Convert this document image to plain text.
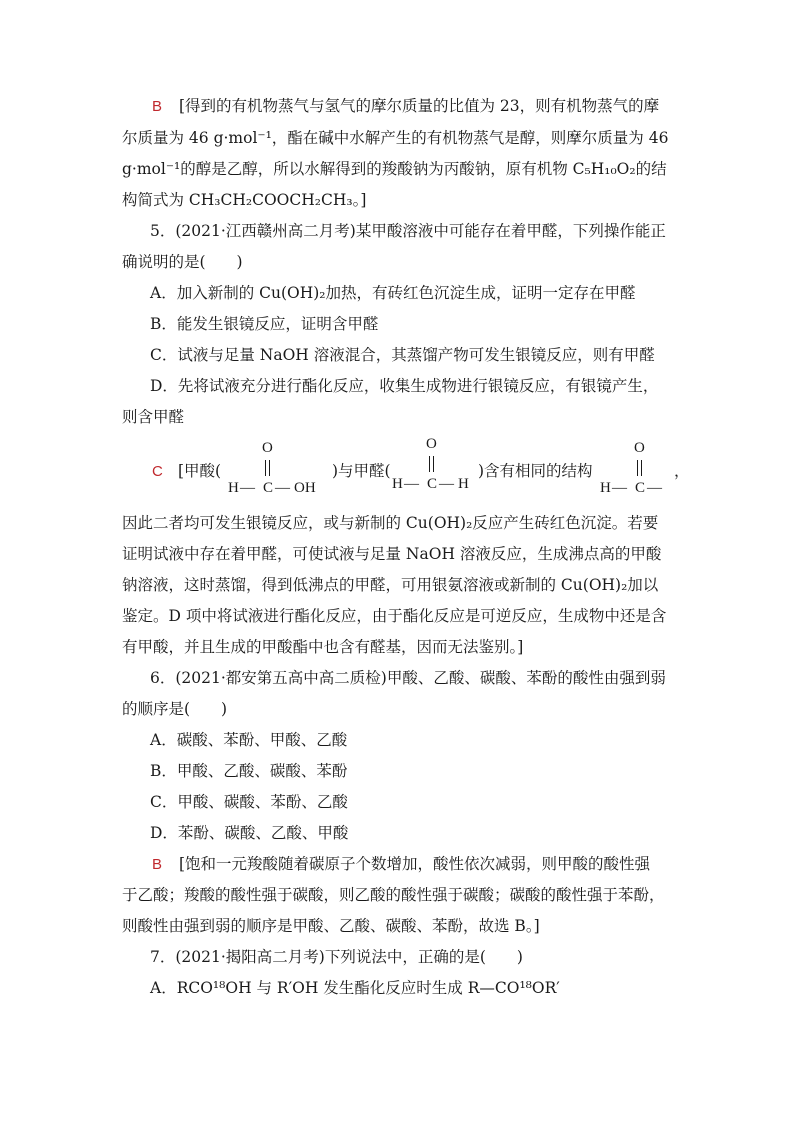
B [得到的有机物蒸气与氢气的摩尔质量的比值为 23，则有机物蒸气的摩
尔质量为 46 g·mol⁻¹，酯在碱中水解产生的有机物蒸气是醇，则摩尔质量为 46
g·mol⁻¹的醇是乙醇，所以水解得到的羧酸钠为丙酸钠，原有机物 C₅H₁₀O₂的结
构简式为 CH₃CH₂COOCH₂CH₃。]
5．(2021·江西赣州高二月考)某甲酸溶液中可能存在着甲醛，下列操作能正
确说明的是(　　)
A．加入新制的 Cu(OH)₂加热，有砖红色沉淀生成，证明一定存在甲醛
B．能发生银镜反应，证明含甲醛
C．试液与足量 NaOH 溶液混合，其蒸馏产物可发生银镜反应，则有甲醛
D．先将试液充分进行酯化反应，收集生成物进行银镜反应，有银镜产生，
则含甲醛
C [甲酸(
O
H — C — OH
)与甲醛(
O
H — C — H
)含有相同的结构
O
H — C —
，
因此二者均可发生银镜反应，或与新制的 Cu(OH)₂反应产生砖红色沉淀。若要
证明试液中存在着甲醛，可使试液与足量 NaOH 溶液反应，生成沸点高的甲酸
钠溶液，这时蒸馏，得到低沸点的甲醛，可用银氨溶液或新制的 Cu(OH)₂加以
鉴定。D 项中将试液进行酯化反应，由于酯化反应是可逆反应，生成物中还是含
有甲酸，并且生成的甲酸酯中也含有醛基，因而无法鉴别。]
6．(2021·都安第五高中高二质检)甲酸、乙酸、碳酸、苯酚的酸性由强到弱
的顺序是(　　)
A．碳酸、苯酚、甲酸、乙酸
B．甲酸、乙酸、碳酸、苯酚
C．甲酸、碳酸、苯酚、乙酸
D．苯酚、碳酸、乙酸、甲酸
B [饱和一元羧酸随着碳原子个数增加，酸性依次减弱，则甲酸的酸性强
于乙酸；羧酸的酸性强于碳酸，则乙酸的酸性强于碳酸；碳酸的酸性强于苯酚，
则酸性由强到弱的顺序是甲酸、乙酸、碳酸、苯酚，故选 B。]
7．(2021·揭阳高二月考)下列说法中，正确的是(　　)
A．RCO¹⁸OH 与 R′OH 发生酯化反应时生成 R—CO¹⁸OR′
